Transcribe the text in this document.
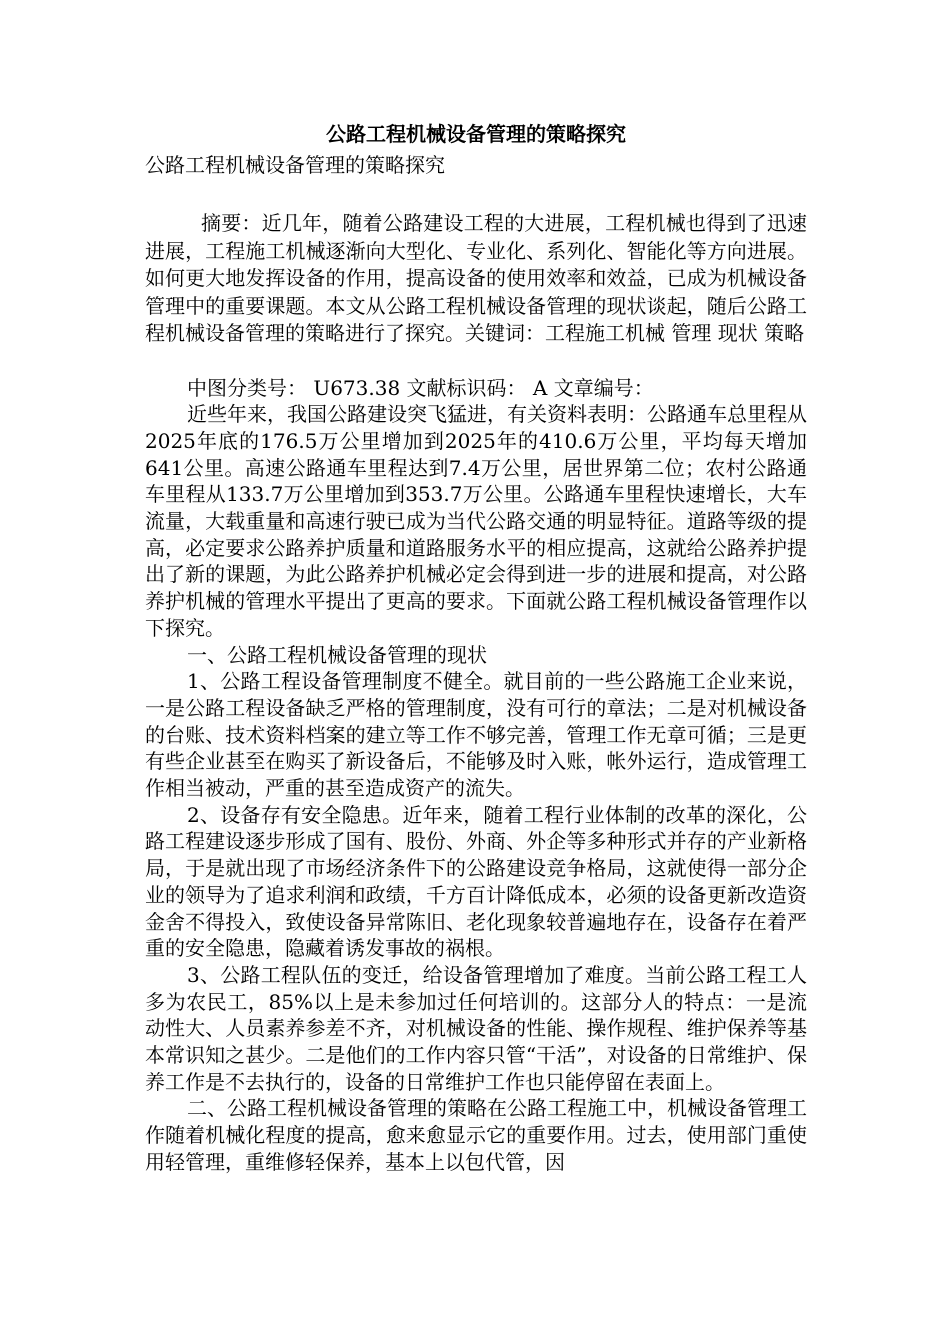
公路工程机械设备管理的策略探究

公路工程机械设备管理的策略探究

摘要：近几年，随着公路建设工程的大进展，工程机械也得到了迅速进展，工程施工机械逐渐向大型化、专业化、系列化、智能化等方向进展。如何更大地发挥设备的作用，提高设备的使用效率和效益，已成为机械设备管理中的重要课题。本文从公路工程机械设备管理的现状谈起，随后公路工程机械设备管理的策略进行了探究。关键词：工程施工机械 管理 现状 策略

中图分类号： U673.38 文献标识码： A 文章编号：

近些年来，我国公路建设突飞猛进，有关资料表明：公路通车总里程从2025年底的176.5万公里增加到2025年的410.6万公里，平均每天增加641公里。高速公路通车里程达到7.4万公里，居世界第二位；农村公路通车里程从133.7万公里增加到353.7万公里。公路通车里程快速增长，大车流量，大载重量和高速行驶已成为当代公路交通的明显特征。道路等级的提高，必定要求公路养护质量和道路服务水平的相应提高，这就给公路养护提出了新的课题，为此公路养护机械必定会得到进一步的进展和提高，对公路养护机械的管理水平提出了更高的要求。下面就公路工程机械设备管理作以下探究。

一、公路工程机械设备管理的现状

1、公路工程设备管理制度不健全。就目前的一些公路施工企业来说，一是公路工程设备缺乏严格的管理制度，没有可行的章法；二是对机械设备的台账、技术资料档案的建立等工作不够完善，管理工作无章可循；三是更有些企业甚至在购买了新设备后，不能够及时入账，帐外运行，造成管理工作相当被动，严重的甚至造成资产的流失。

2、设备存有安全隐患。近年来，随着工程行业体制的改革的深化，公路工程建设逐步形成了国有、股份、外商、外企等多种形式并存的产业新格局，于是就出现了市场经济条件下的公路建设竞争格局，这就使得一部分企业的领导为了追求利润和政绩，千方百计降低成本，必须的设备更新改造资金舍不得投入，致使设备异常陈旧、老化现象较普遍地存在，设备存在着严重的安全隐患，隐藏着诱发事故的祸根。

3、公路工程队伍的变迁，给设备管理增加了难度。当前公路工程工人多为农民工，85%以上是未参加过任何培训的。这部分人的特点：一是流动性大、人员素养参差不齐，对机械设备的性能、操作规程、维护保养等基本常识知之甚少。二是他们的工作内容只管“干活”，对设备的日常维护、保养工作是不去执行的，设备的日常维护工作也只能停留在表面上。

二、公路工程机械设备管理的策略在公路工程施工中，机械设备管理工作随着机械化程度的提高，愈来愈显示它的重要作用。过去，使用部门重使用轻管理，重维修轻保养，基本上以包代管，因
